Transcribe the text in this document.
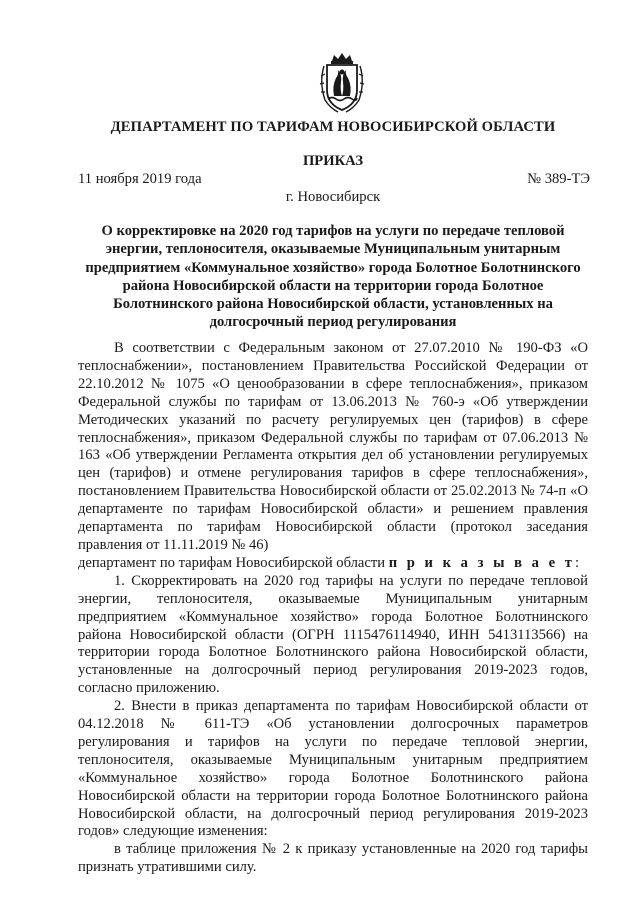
ДЕПАРТАМЕНТ ПО ТАРИФАМ НОВОСИБИРСКОЙ ОБЛАСТИ
ПРИКАЗ
11 ноября 2019 года	№ 389-ТЭ
г. Новосибирск
О корректировке на 2020 год тарифов на услуги по передаче тепловой энергии, теплоносителя, оказываемые Муниципальным унитарным предприятием «Коммунальное хозяйство» города Болотное Болотнинского района Новосибирской области на территории города Болотное Болотнинского района Новосибирской области, установленных на долгосрочный период регулирования

В соответствии с Федеральным законом от 27.07.2010 № 190-ФЗ «О теплоснабжении», постановлением Правительства Российской Федерации от 22.10.2012 № 1075 «О ценообразовании в сфере теплоснабжения», приказом Федеральной службы по тарифам от 13.06.2013 № 760-э «Об утверждении Методических указаний по расчету регулируемых цен (тарифов) в сфере теплоснабжения», приказом Федеральной службы по тарифам от 07.06.2013 № 163 «Об утверждении Регламента открытия дел об установлении регулируемых цен (тарифов) и отмене регулирования тарифов в сфере теплоснабжения», постановлением Правительства Новосибирской области от 25.02.2013 № 74-п «О департаменте по тарифам Новосибирской области» и решением правления департамента по тарифам Новосибирской области (протокол заседания правления от 11.11.2019 № 46)

департамент по тарифам Новосибирской области п р и к а з ы в а е т:

1. Скорректировать на 2020 год тарифы на услуги по передаче тепловой энергии, теплоносителя, оказываемые Муниципальным унитарным предприятием «Коммунальное хозяйство» города Болотное Болотнинского района Новосибирской области (ОГРН 1115476114940, ИНН 5413113566) на территории города Болотное Болотнинского района Новосибирской области, установленные на долгосрочный период регулирования 2019-2023 годов, согласно приложению.

2. Внести в приказ департамента по тарифам Новосибирской области от 04.12.2018 № 611-ТЭ «Об установлении долгосрочных параметров регулирования и тарифов на услуги по передаче тепловой энергии, теплоносителя, оказываемые Муниципальным унитарным предприятием «Коммунальное хозяйство» города Болотное Болотнинского района Новосибирской области на территории города Болотное Болотнинского района Новосибирской области, на долгосрочный период регулирования 2019-2023 годов» следующие изменения:

в таблице приложения № 2 к приказу установленные на 2020 год тарифы признать утратившими силу.
